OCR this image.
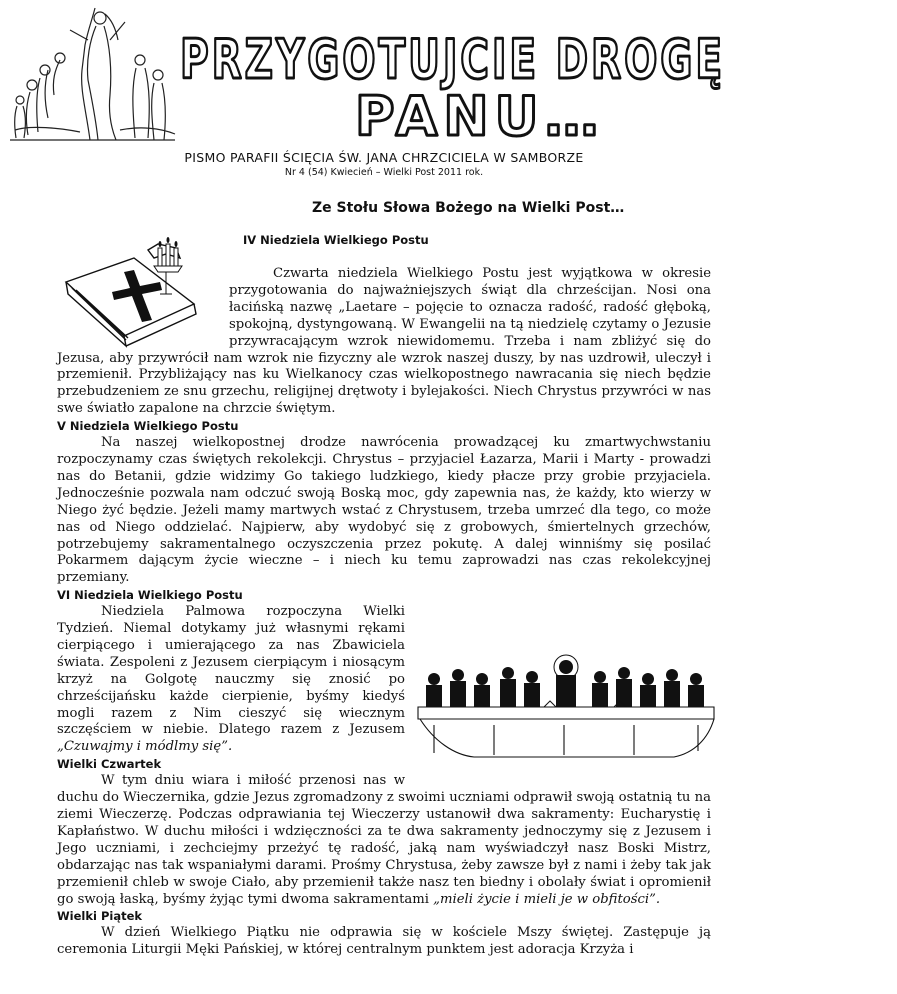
PRZYGOTUJCIE DROGĘ
PANU…
PISMO PARAFII ŚCIĘCIA ŚW. JANA CHRZCICIELA W SAMBORZE
Nr 4 (54) Kwiecień – Wielki Post 2011 rok.
Ze Stołu Słowa Bożego na Wielki Post…

IV Niedziela Wielkiego Postu

Czwarta niedziela Wielkiego Postu jest wyjątkowa w okresie przygotowania do najważniejszych świąt dla chrześcijan. Nosi ona łacińską nazwę „Laetare – pojęcie to oznacza radość, radość głęboką, spokojną, dystyngowaną. W Ewangelii na tą niedzielę czytamy o Jezusie przywracającym wzrok niewidomemu. Trzeba i nam zbliżyć się do Jezusa, aby przywrócił nam wzrok nie fizyczny ale wzrok naszej duszy, by nas uzdrowił, uleczył i przemienił. Przybliżający nas ku Wielkanocy czas wielkopostnego nawracania się niech będzie przebudzeniem ze snu grzechu, religijnej drętwoty i bylejakości. Niech Chrystus przywróci w nas swe światło zapalone na chrzcie świętym.

V Niedziela Wielkiego Postu

Na naszej wielkopostnej drodze nawrócenia prowadzącej ku zmartwychwstaniu rozpoczynamy czas świętych rekolekcji. Chrystus – przyjaciel Łazarza, Marii i Marty - prowadzi nas do Betanii, gdzie widzimy Go takiego ludzkiego, kiedy płacze przy grobie przyjaciela. Jednocześnie pozwala nam odczuć swoją Boską moc, gdy zapewnia nas, że każdy, kto wierzy w Niego żyć będzie. Jeżeli mamy martwych wstać z Chrystusem, trzeba umrzeć dla tego, co może nas od Niego oddzielać. Najpierw, aby wydobyć się z grobowych, śmiertelnych grzechów, potrzebujemy sakramentalnego oczyszczenia przez pokutę. A dalej winniśmy się posilać Pokarmem dającym życie wieczne – i niech ku temu zaprowadzi nas czas rekolekcyjnej przemiany.

VI Niedziela Wielkiego Postu

Niedziela Palmowa rozpoczyna Wielki Tydzień. Niemal dotykamy już własnymi rękami cierpiącego i umierającego za nas Zbawiciela świata. Zespoleni z Jezusem cierpiącym i niosącym krzyż na Golgotę nauczmy się znosić po chrześcijańsku każde cierpienie, byśmy kiedyś mogli razem z Nim cieszyć się wiecznym szczęściem w niebie. Dlatego razem z Jezusem „Czuwajmy i módlmy się”.

Wielki Czwartek

W tym dniu wiara i miłość przenosi nas w duchu do Wieczernika, gdzie Jezus zgromadzony z swoimi uczniami odprawił swoją ostatnią tu na ziemi Wieczerzę. Podczas odprawiania tej Wieczerzy ustanowił dwa sakramenty: Eucharystię i Kapłaństwo. W duchu miłości i wdzięczności za te dwa sakramenty jednoczymy się z Jezusem i Jego uczniami, i zechciejmy przeżyć tę radość, jaką nam wyświadczył nasz Boski Mistrz, obdarzając nas tak wspaniałymi darami. Prośmy Chrystusa, żeby zawsze był z nami i żeby tak jak przemienił chleb w swoje Ciało, aby przemienił także nasz ten biedny i obolały świat i opromienił go swoją łaską, byśmy żyjąc tymi dwoma sakramentami „mieli życie i mieli je w obfitości”.

Wielki Piątek

W dzień Wielkiego Piątku nie odprawia się w kościele Mszy świętej. Zastępuje ją ceremonia Liturgii Męki Pańskiej, w której centralnym punktem jest adoracja Krzyża i
